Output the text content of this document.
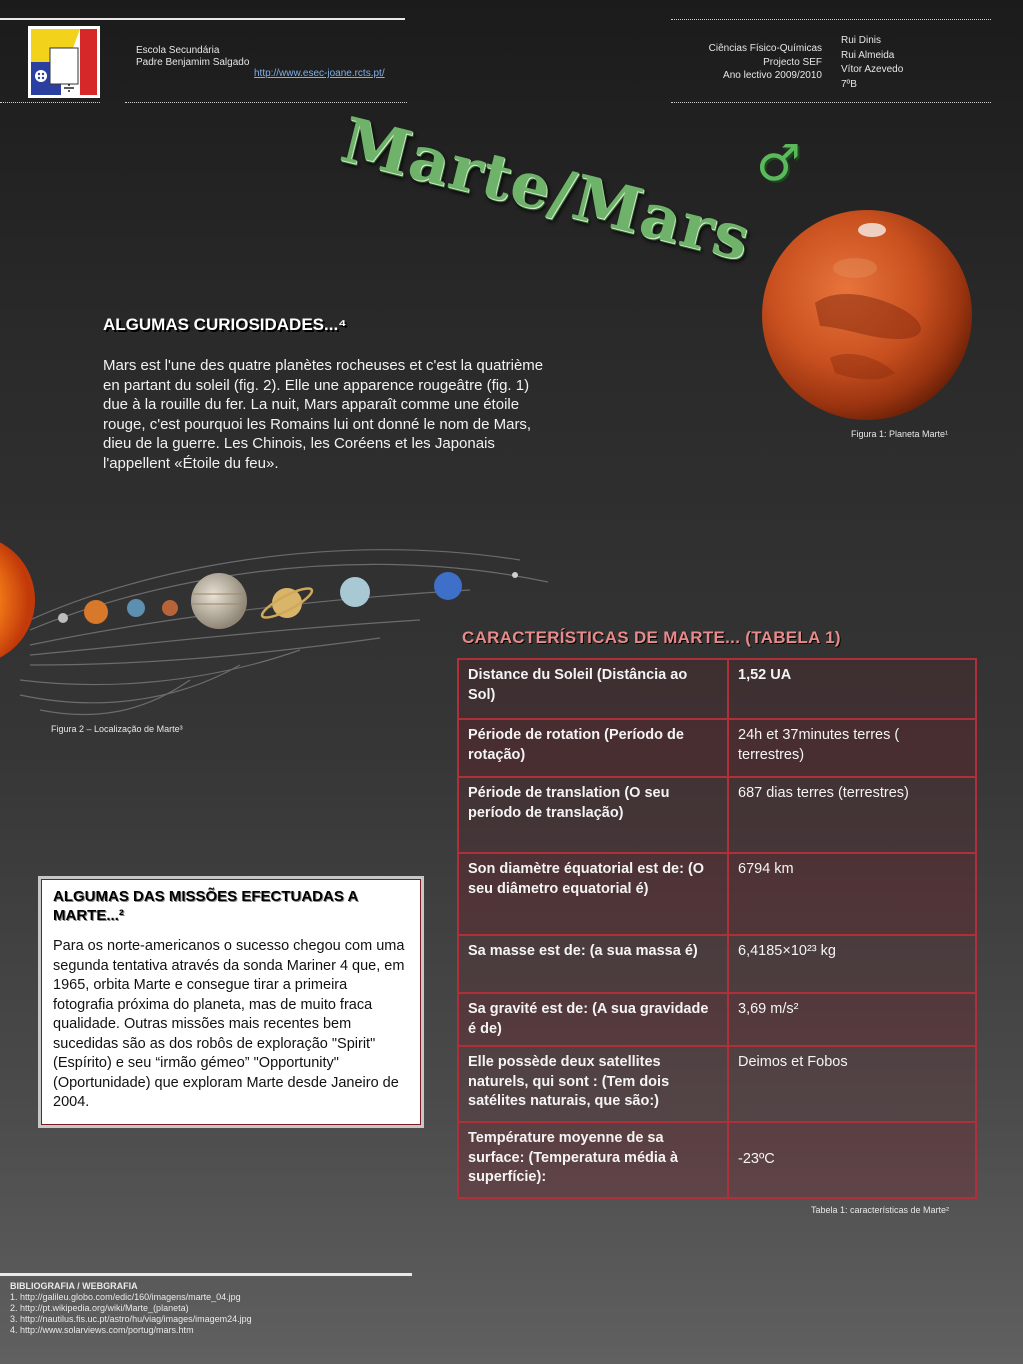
Escola Secundária
Padre Benjamim Salgado
http://www.esec-joane.rcts.pt/
Ciências Físico-Químicas
Projecto SEF
Ano lectivo 2009/2010
Rui Dinis
Rui Almeida
Vítor Azevedo
7ºB
Marte/Mars
♂
Figura 1: Planeta Marte¹
ALGUMAS CURIOSIDADES...⁴
Mars est l'une des quatre planètes rocheuses et c'est la quatrième en partant du soleil (fig. 2). Elle une apparence rougeâtre (fig. 1) due à la rouille du fer. La nuit, Mars apparaît comme une étoile rouge, c'est pourquoi les Romains lui ont donné le nom de Mars, dieu de la guerre. Les Chinois, les Coréens et les Japonais l'appellent «Étoile du feu».
Figura 2 – Localização de Marte³
CARACTERÍSTICAS DE MARTE... (TABELA 1)
Distance du Soleil (Distância ao Sol)	1,52 UA
Période de rotation (Período de rotação)	24h et 37minutes terres ( terrestres)
Période de translation (O seu período de translação)	687 dias terres (terrestres)
Son diamètre équatorial est de: (O seu diâmetro equatorial é)	6794 km
Sa masse est de: (a sua massa é)	6,4185×10²³ kg
Sa gravité est de: (A sua gravidade é de)	3,69 m/s²
Elle possède deux satellites naturels, qui sont : (Tem dois satélites naturais, que são:)	Deimos et Fobos
Température moyenne de sa surface: (Temperatura média à superfície):	-23ºC
Tabela 1: características de Marte²
ALGUMAS DAS MISSÕES EFECTUADAS A MARTE...²

Para os norte-americanos o sucesso chegou com uma segunda tentativa através da sonda Mariner 4 que, em 1965, orbita Marte e consegue tirar a primeira fotografia próxima do planeta, mas de muito fraca qualidade. Outras missões mais recentes bem sucedidas são as dos robôs de exploração "Spirit" (Espírito) e seu “irmão gémeo” "Opportunity" (Oportunidade) que exploram Marte desde Janeiro de 2004.

BIBLIOGRAFIA / WEBGRAFIA
1. http://galileu.globo.com/edic/160/imagens/marte_04.jpg
2. http://pt.wikipedia.org/wiki/Marte_(planeta)
3. http://nautilus.fis.uc.pt/astro/hu/viag/images/imagem24.jpg
4. http://www.solarviews.com/portug/mars.htm
